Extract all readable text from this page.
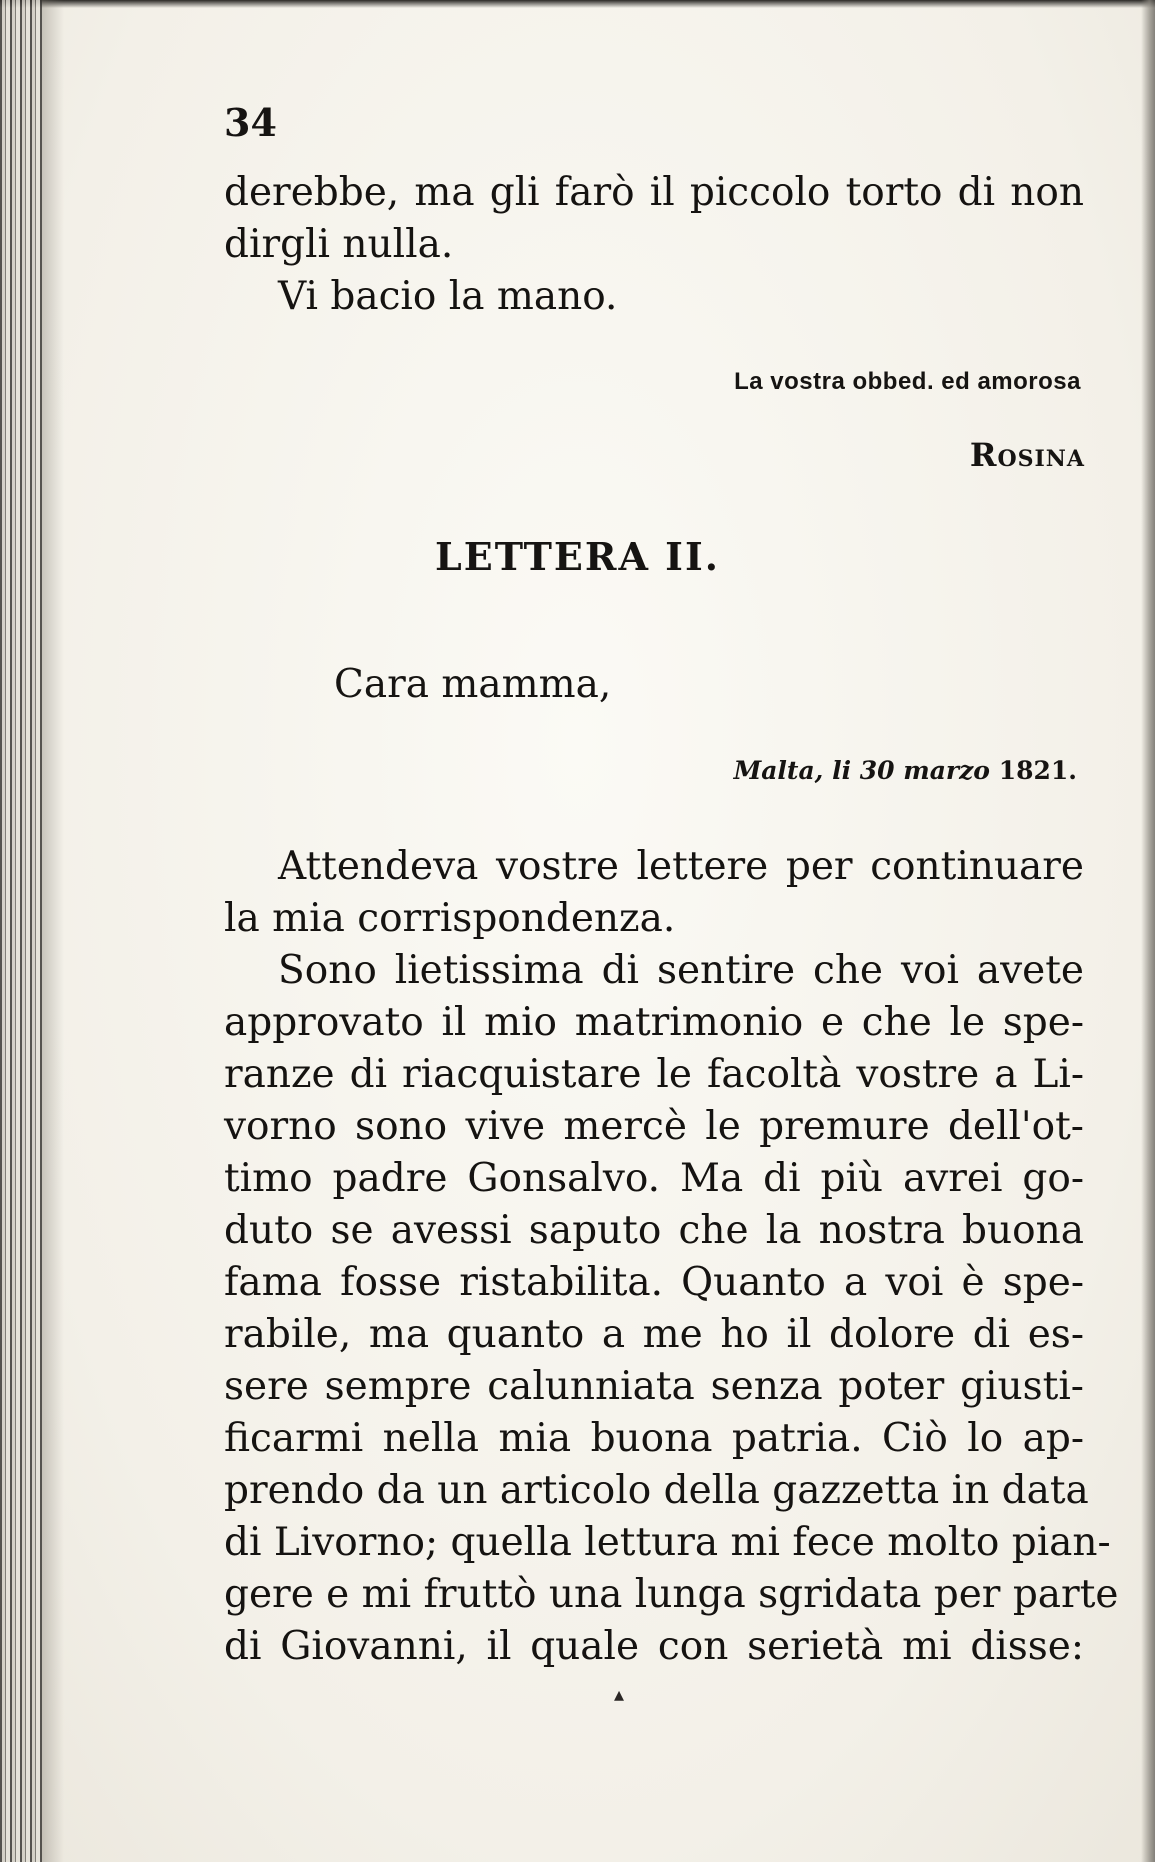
34
derebbe, ma gli farò il piccolo torto di non
dirgli nulla.
Vi bacio la mano.
La vostra obbed. ed amorosa
Rosina
LETTERA II.
Cara mamma,
Malta, li 30 marzo 1821.
Attendeva vostre lettere per continuare
la mia corrispondenza.
Sono lietissima di sentire che voi avete
approvato il mio matrimonio e che le spe-
ranze di riacquistare le facoltà vostre a Li-
vorno sono vive mercè le premure dell'ot-
timo padre Gonsalvo. Ma di più avrei go-
duto se avessi saputo che la nostra buona
fama fosse ristabilita. Quanto a voi è spe-
rabile, ma quanto a me ho il dolore di es-
sere sempre calunniata senza poter giusti-
ficarmi nella mia buona patria. Ciò lo ap-
prendo da un articolo della gazzetta in data
di Livorno; quella lettura mi fece molto pian-
gere e mi fruttò una lunga sgridata per parte
di Giovanni, il quale con serietà mi disse:
▴
